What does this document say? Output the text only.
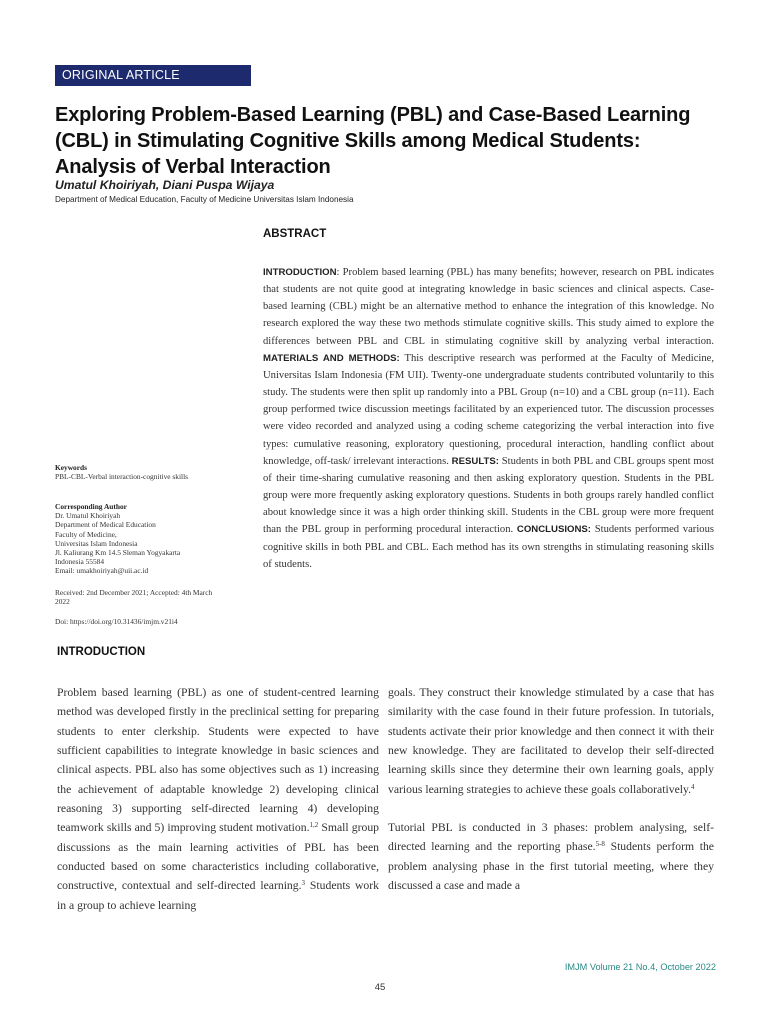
ORIGINAL ARTICLE
Exploring Problem-Based Learning (PBL) and Case-Based Learning (CBL) in Stimulating Cognitive Skills among Medical Students: Analysis of Verbal Interaction
Umatul Khoiriyah, Diani Puspa Wijaya
Department of Medical Education, Faculty of Medicine Universitas Islam Indonesia
ABSTRACT
INTRODUCTION: Problem based learning (PBL) has many benefits; however, research on PBL indicates that students are not quite good at integrating knowledge in basic sciences and clinical aspects. Case-based learning (CBL) might be an alternative method to enhance the integration of this knowledge. No research explored the way these two methods stimulate cognitive skills. This study aimed to explore the differences between PBL and CBL in stimulating cognitive skill by analyzing verbal interaction. MATERIALS AND METHODS: This descriptive research was performed at the Faculty of Medicine, Universitas Islam Indonesia (FM UII). Twenty-one undergraduate students contributed voluntarily to this study. The students were then split up randomly into a PBL Group (n=10) and a CBL group (n=11). Each group performed twice discussion meetings facilitated by an experienced tutor. The discussion processes were video recorded and analyzed using a coding scheme categorizing the verbal interaction into five types: cumulative reasoning, exploratory questioning, procedural interaction, handling conflict about knowledge, off-task/ irrelevant interactions. RESULTS: Students in both PBL and CBL groups spent most of their time-sharing cumulative reasoning and then asking exploratory question. Students in the PBL group were more frequently asking exploratory questions. Students in both groups rarely handled conflict about knowledge since it was a high order thinking skill. Students in the CBL group were more frequent than the PBL group in performing procedural interaction. CONCLUSIONS: Students performed various cognitive skills in both PBL and CBL. Each method has its own strengths in stimulating reasoning skills of students.
Keywords
PBL-CBL-Verbal interaction-cognitive skills
Corresponding Author
Dr. Umatul Khoiriyah
Department of Medical Education
Faculty of Medicine,
Universitas Islam Indonesia
Jl. Kaliurang Km 14.5 Sleman Yogyakarta
Indonesia 55584
Email: umakhoiriyah@uii.ac.id
Received: 2nd December 2021; Accepted: 4th March 2022
Doi: https://doi.org/10.31436/imjm.v21i4
INTRODUCTION

Problem based learning (PBL) as one of student-centred learning method was developed firstly in the preclinical setting for preparing students to enter clerkship. Students were expected to have sufficient capabilities to integrate knowledge in basic sciences and clinical aspects. PBL also has some objectives such as 1) increasing the achievement of adaptable knowledge 2) developing clinical reasoning 3) supporting self-directed learning 4) developing teamwork skills and 5) improving student motivation.$^{1,2}$ Small group discussions as the main learning activities of PBL has been conducted based on some characteristics including collaborative, constructive, contextual and self-directed learning.$^3$ Students work in a group to achieve learning

goals. They construct their knowledge stimulated by a case that has similarity with the case found in their future profession. In tutorials, students activate their prior knowledge and then connect it with their new knowledge. They are facilitated to develop their self-directed learning skills since they determine their own learning goals, apply various learning strategies to achieve these goals collaboratively.$^4$

Tutorial PBL is conducted in 3 phases: problem analysing, self-directed learning and the reporting phase.$^{5-8}$ Students perform the problem analysing phase in the first tutorial meeting, where they discussed a case and made a

IMJM Volume 21 No.4, October 2022
45
